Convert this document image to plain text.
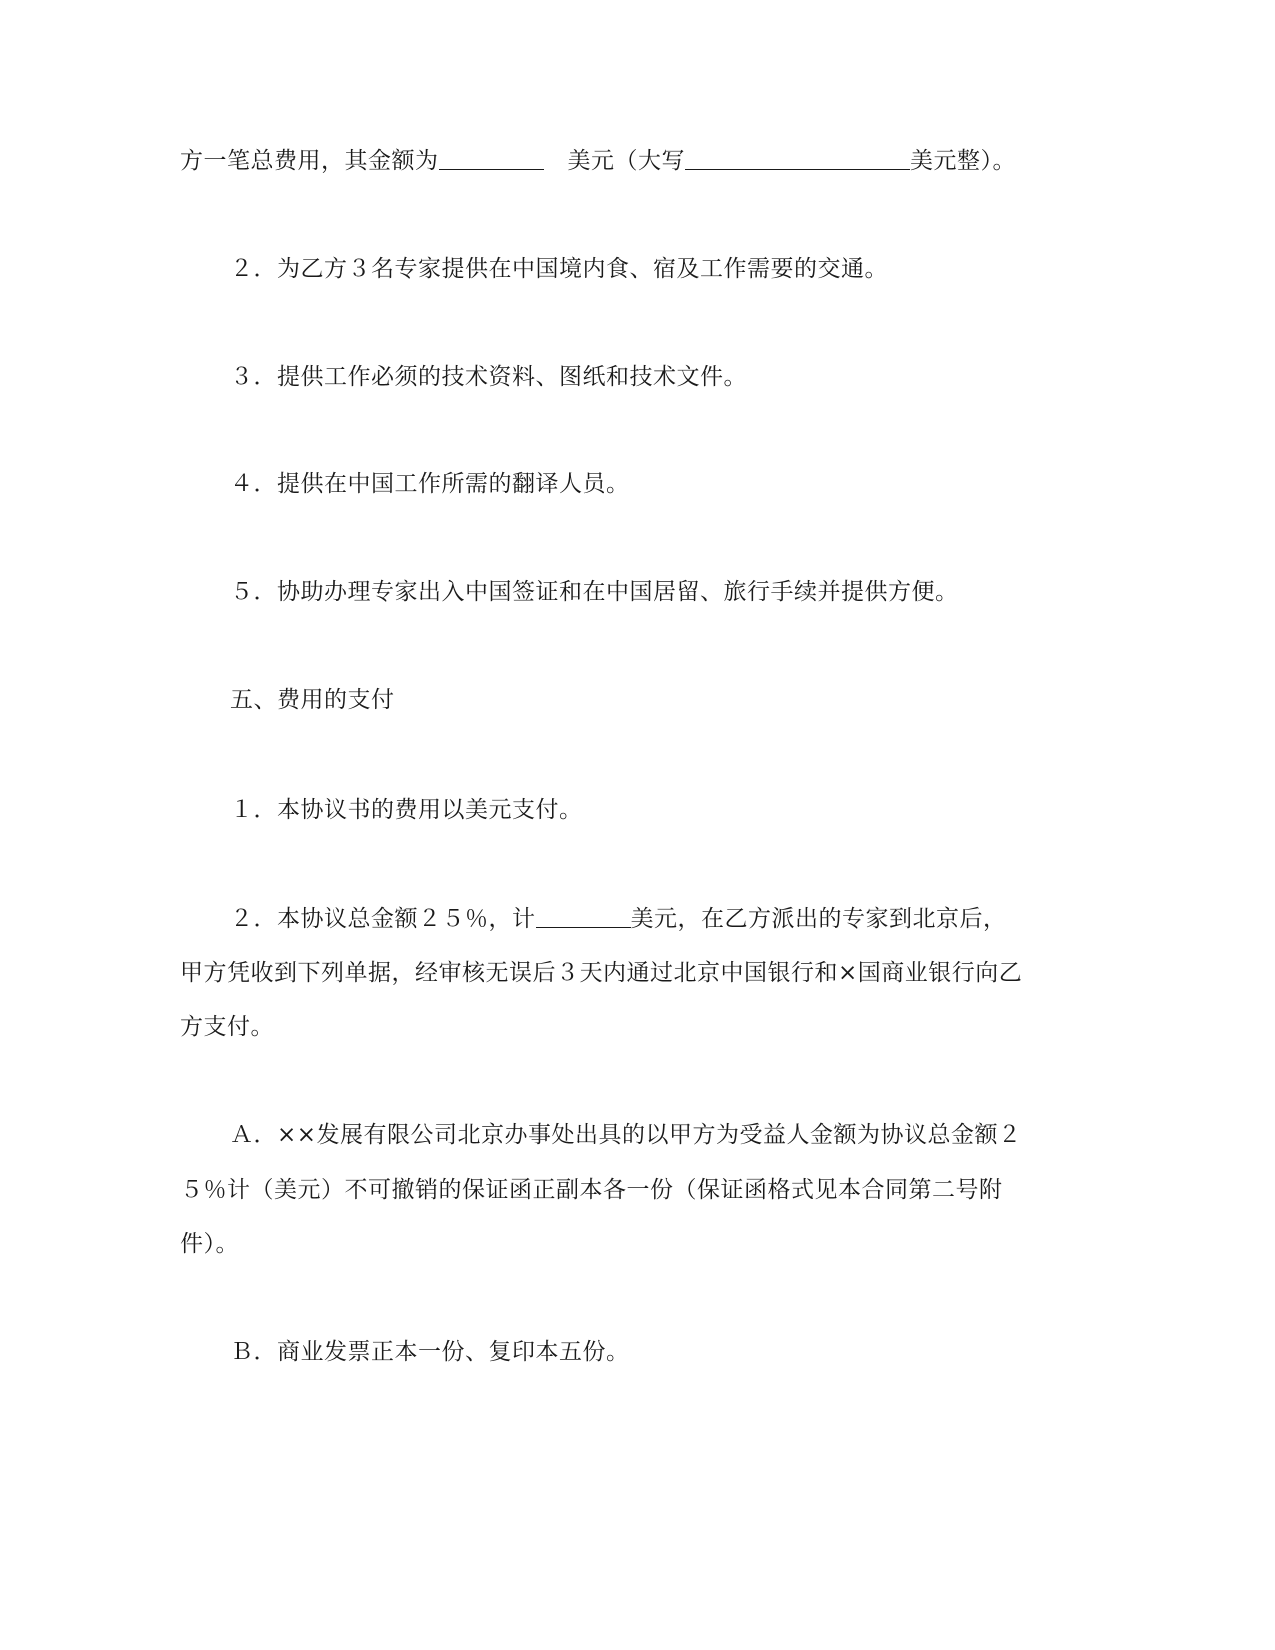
方一笔总费用，其金额为	美元（大写	美元整）。
２．为乙方３名专家提供在中国境内食、宿及工作需要的交通。
３．提供工作必须的技术资料、图纸和技术文件。
４．提供在中国工作所需的翻译人员。
５．协助办理专家出入中国签证和在中国居留、旅行手续并提供方便。
五、费用的支付
１．本协议书的费用以美元支付。
２．本协议总金额２５％，计	美元，在乙方派出的专家到北京后，
甲方凭收到下列单据，经审核无误后３天内通过北京中国银行和×国商业银行向乙
方支付。
Ａ．××发展有限公司北京办事处出具的以甲方为受益人金额为协议总金额２
５％计（美元）不可撤销的保证函正副本各一份（保证函格式见本合同第二号附
件）。
Ｂ．商业发票正本一份、复印本五份。
